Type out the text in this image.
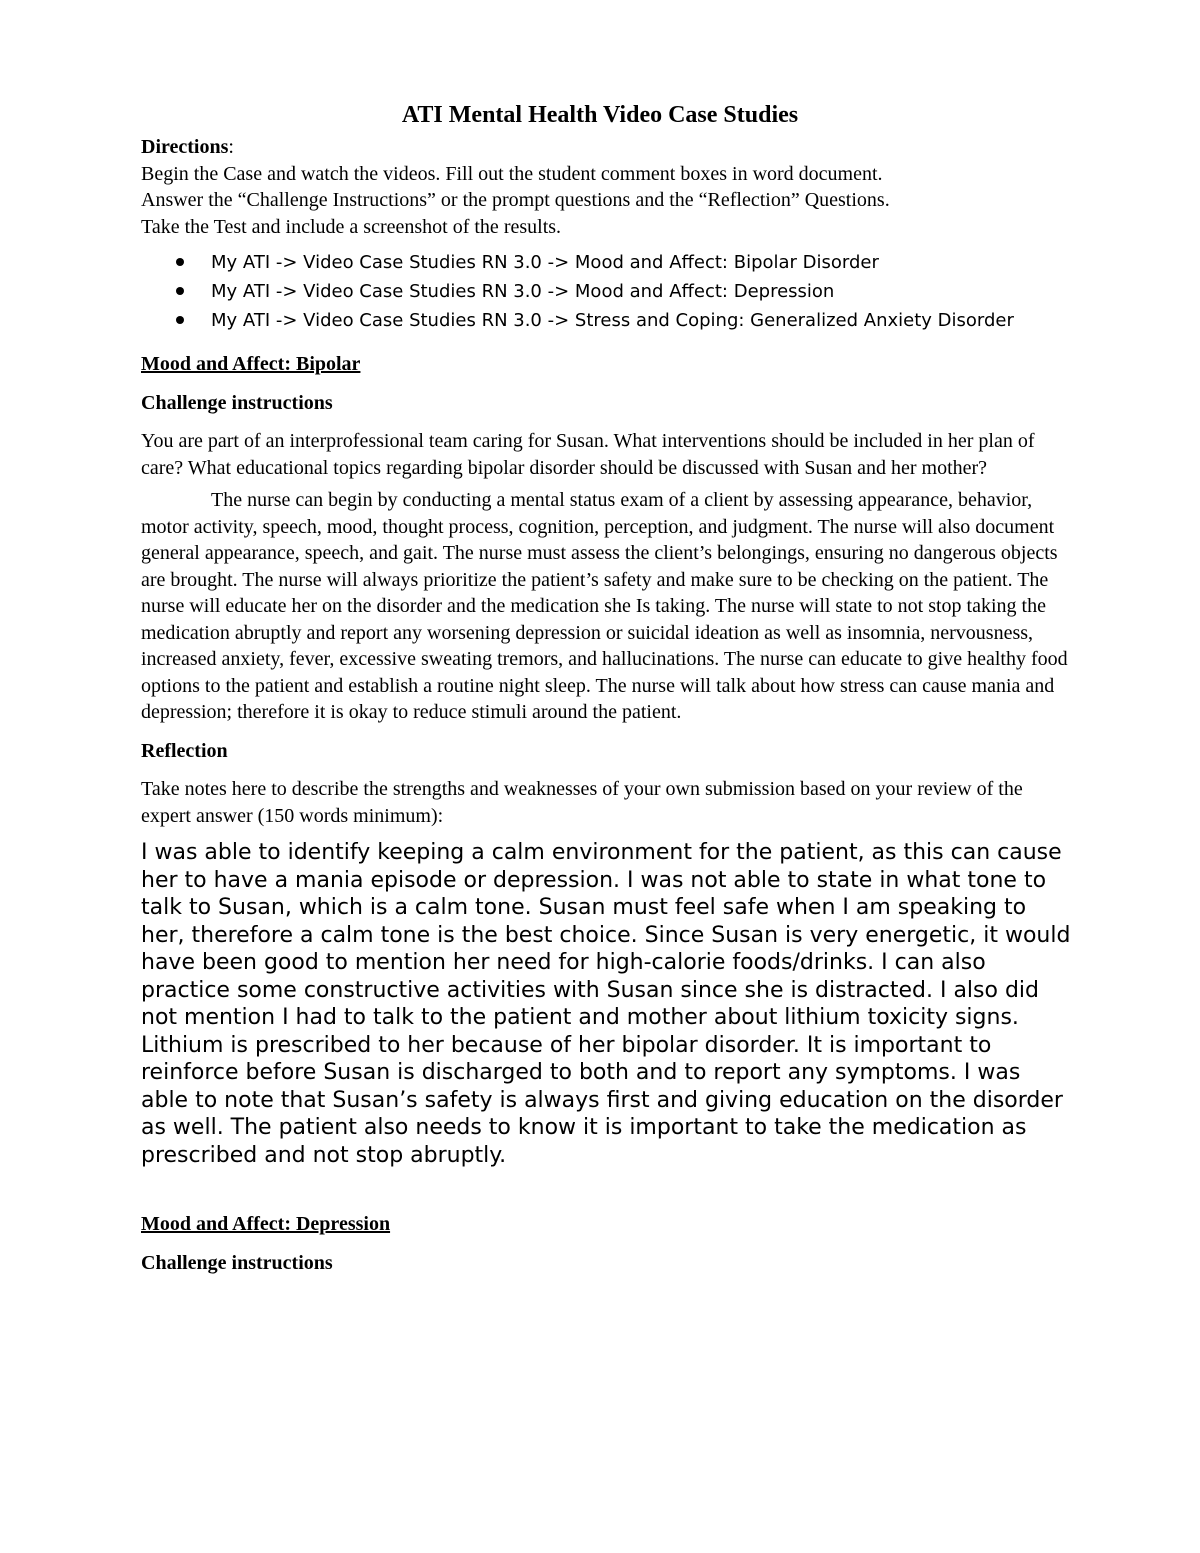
ATI Mental Health Video Case Studies

Directions:

Begin the Case and watch the videos. Fill out the student comment boxes in word document.

Answer the “Challenge Instructions” or the prompt questions and the “Reflection” Questions.

Take the Test and include a screenshot of the results.

My ATI -> Video Case Studies RN 3.0 -> Mood and Affect: Bipolar Disorder
My ATI -> Video Case Studies RN 3.0 -> Mood and Affect: Depression
My ATI -> Video Case Studies RN 3.0 -> Stress and Coping: Generalized Anxiety Disorder

Mood and Affect: Bipolar

Challenge instructions

You are part of an interprofessional team caring for Susan. What interventions should be included in her plan of care? What educational topics regarding bipolar disorder should be discussed with Susan and her mother?

The nurse can begin by conducting a mental status exam of a client by assessing appearance, behavior, motor activity, speech, mood, thought process, cognition, perception, and judgment. The nurse will also document general appearance, speech, and gait. The nurse must assess the client’s belongings, ensuring no dangerous objects are brought. The nurse will always prioritize the patient’s safety and make sure to be checking on the patient. The nurse will educate her on the disorder and the medication she Is taking. The nurse will state to not stop taking the medication abruptly and report any worsening depression or suicidal ideation as well as insomnia, nervousness, increased anxiety, fever, excessive sweating tremors, and hallucinations. The nurse can educate to give healthy food options to the patient and establish a routine night sleep. The nurse will talk about how stress can cause mania and depression; therefore it is okay to reduce stimuli around the patient.

Reflection

Take notes here to describe the strengths and weaknesses of your own submission based on your review of the expert answer (150 words minimum):

I was able to identify keeping a calm environment for the patient, as this can cause her to have a mania episode or depression. I was not able to state in what tone to talk to Susan, which is a calm tone. Susan must feel safe when I am speaking to her, therefore a calm tone is the best choice. Since Susan is very energetic, it would have been good to mention her need for high-calorie foods/drinks. I can also practice some constructive activities with Susan since she is distracted. I also did not mention I had to talk to the patient and mother about lithium toxicity signs. Lithium is prescribed to her because of her bipolar disorder. It is important to reinforce before Susan is discharged to both and to report any symptoms. I was able to note that Susan’s safety is always first and giving education on the disorder as well. The patient also needs to know it is important to take the medication as prescribed and not stop abruptly.

Mood and Affect: Depression

Challenge instructions
